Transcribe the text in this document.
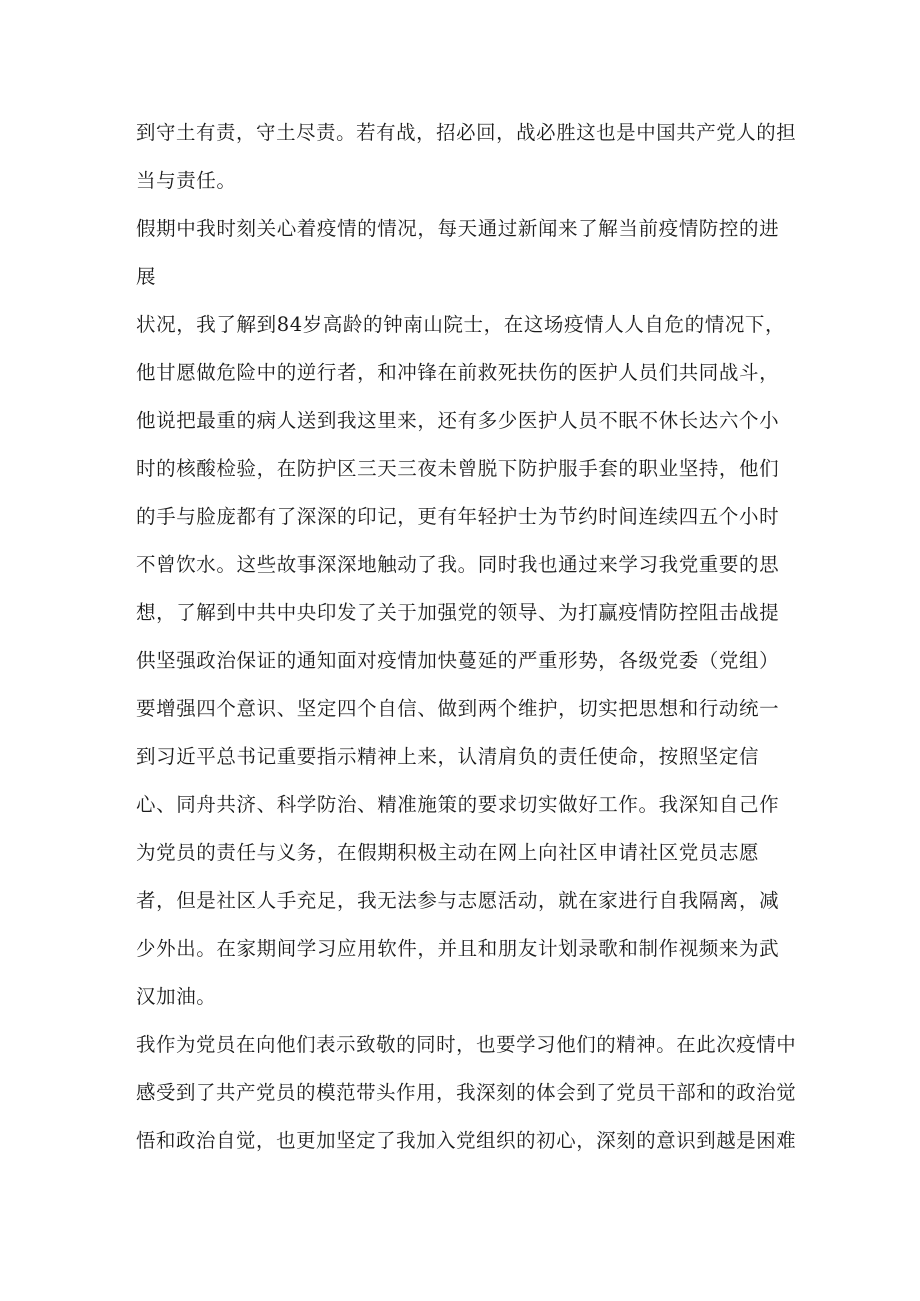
到守土有责，守土尽责。若有战，招必回，战必胜这也是中国共产党人的担
当与责任。
假期中我时刻关心着疫情的情况，每天通过新闻来了解当前疫情防控的进
展
状况，我了解到84岁高龄的钟南山院士，在这场疫情人人自危的情况下，
他甘愿做危险中的逆行者，和冲锋在前救死扶伤的医护人员们共同战斗，
他说把最重的病人送到我这里来，还有多少医护人员不眠不休长达六个小
时的核酸检验，在防护区三天三夜未曾脱下防护服手套的职业坚持，他们
的手与脸庞都有了深深的印记，更有年轻护士为节约时间连续四五个小时
不曾饮水。这些故事深深地触动了我。同时我也通过来学习我党重要的思
想，了解到中共中央印发了关于加强党的领导、为打赢疫情防控阻击战提
供坚强政治保证的通知面对疫情加快蔓延的严重形势，各级党委（党组）
要增强四个意识、坚定四个自信、做到两个维护，切实把思想和行动统一
到习近平总书记重要指示精神上来，认清肩负的责任使命，按照坚定信
心、同舟共济、科学防治、精准施策的要求切实做好工作。我深知自己作
为党员的责任与义务，在假期积极主动在网上向社区申请社区党员志愿
者，但是社区人手充足，我无法参与志愿活动，就在家进行自我隔离，减
少外出。在家期间学习应用软件，并且和朋友计划录歌和制作视频来为武
汉加油。
我作为党员在向他们表示致敬的同时，也要学习他们的精神。在此次疫情中
感受到了共产党员的模范带头作用，我深刻的体会到了党员干部和的政治觉
悟和政治自觉，也更加坚定了我加入党组织的初心，深刻的意识到越是困难
